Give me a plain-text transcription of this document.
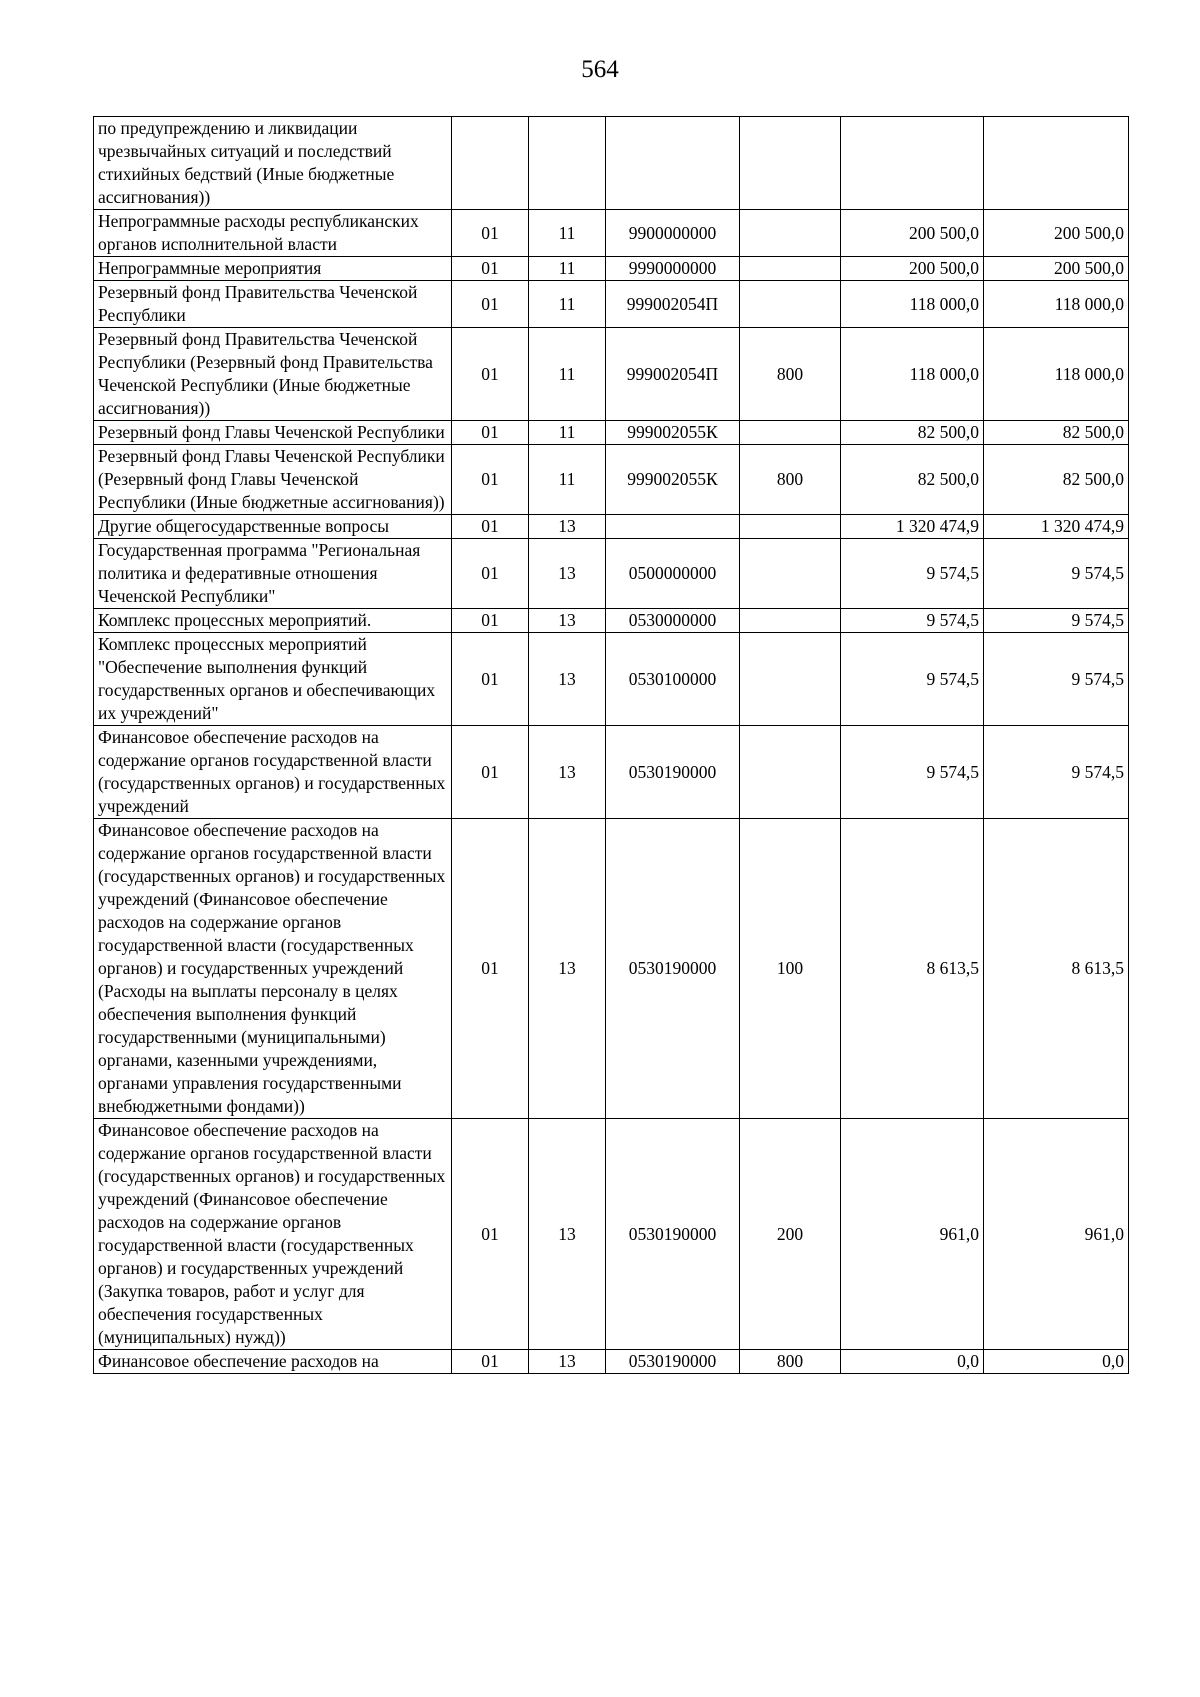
564
по предупреждению и ликвидации чрезвычайных ситуаций и последствий стихийных бедствий (Иные бюджетные ассигнования))						
Непрограммные расходы республиканских органов исполнительной власти	01	11	9900000000		200 500,0	200 500,0
Непрограммные мероприятия	01	11	9990000000		200 500,0	200 500,0
Резервный фонд Правительства Чеченской Республики	01	11	999002054П		118 000,0	118 000,0
Резервный фонд Правительства Чеченской Республики (Резервный фонд Правительства Чеченской Республики (Иные бюджетные ассигнования))	01	11	999002054П	800	118 000,0	118 000,0
Резервный фонд Главы Чеченской Республики	01	11	999002055К		82 500,0	82 500,0
Резервный фонд Главы Чеченской Республики (Резервный фонд Главы Чеченской Республики (Иные бюджетные ассигнования))	01	11	999002055К	800	82 500,0	82 500,0
Другие общегосударственные вопросы	01	13			1 320 474,9	1 320 474,9
Государственная программа "Региональная политика и федеративные отношения Чеченской Республики"	01	13	0500000000		9 574,5	9 574,5
Комплекс процессных мероприятий.	01	13	0530000000		9 574,5	9 574,5
Комплекс процессных мероприятий "Обеспечение выполнения функций государственных органов и обеспечивающих их учреждений"	01	13	0530100000		9 574,5	9 574,5
Финансовое обеспечение расходов на содержание органов государственной власти (государственных органов) и государственных учреждений	01	13	0530190000		9 574,5	9 574,5
Финансовое обеспечение расходов на содержание органов государственной власти (государственных органов) и государственных учреждений (Финансовое обеспечение расходов на содержание органов государственной власти (государственных органов) и государственных учреждений (Расходы на выплаты персоналу в целях обеспечения выполнения функций государственными (муниципальными) органами, казенными учреждениями, органами управления государственными внебюджетными фондами))	01	13	0530190000	100	8 613,5	8 613,5
Финансовое обеспечение расходов на содержание органов государственной власти (государственных органов) и государственных учреждений (Финансовое обеспечение расходов на содержание органов государственной власти (государственных органов) и государственных учреждений (Закупка товаров, работ и услуг для обеспечения государственных (муниципальных) нужд))	01	13	0530190000	200	961,0	961,0
Финансовое обеспечение расходов на	01	13	0530190000	800	0,0	0,0
